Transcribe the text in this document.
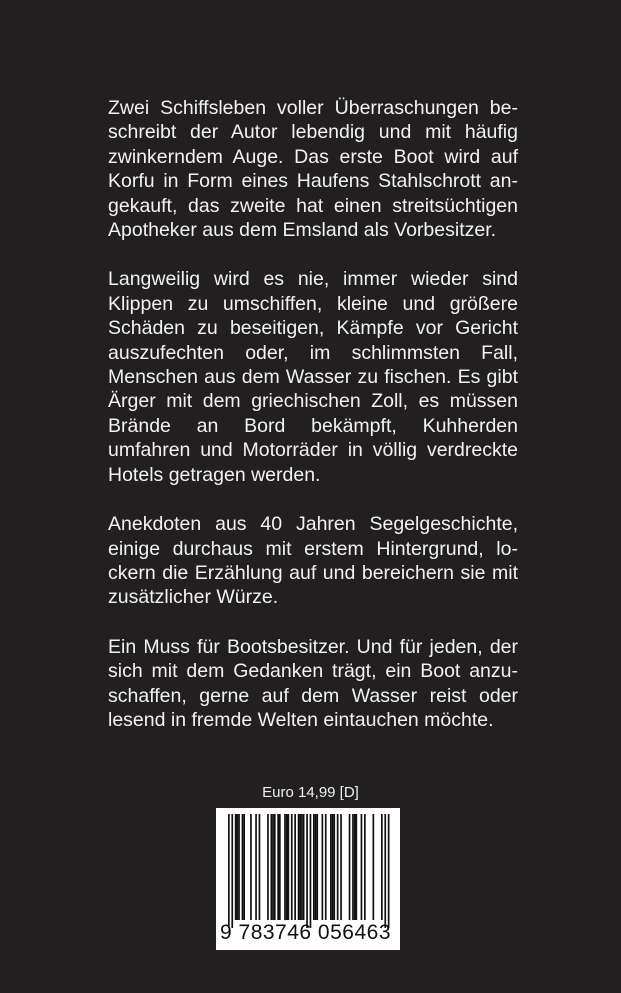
Zwei Schiffsleben voller Überraschungen beschreibt der Autor lebendig und mit häufig zwinkerndem Auge. Das erste Boot wird auf Korfu in Form eines Haufens Stahlschrott angekauft, das zweite hat einen streitsüchtigen Apotheker aus dem Emsland als Vorbesitzer.

Langweilig wird es nie, immer wieder sind Klippen zu umschiffen, kleine und größere Schäden zu beseitigen, Kämpfe vor Gericht auszufechten oder, im schlimmsten Fall, Menschen aus dem Wasser zu fischen. Es gibt Ärger mit dem griechischen Zoll, es müssen Brände an Bord bekämpft, Kuhherden umfahren und Motorräder in völlig verdreckte Hotels getragen werden.

Anekdoten aus 40 Jahren Segelgeschichte, einige durchaus mit erstem Hintergrund, lockern die Erzählung auf und bereichern sie mit zusätzlicher Würze.

Ein Muss für Bootsbesitzer. Und für jeden, der sich mit dem Gedanken trägt, ein Boot anzuschaffen, gerne auf dem Wasser reist oder lesend in fremde Welten eintauchen möchte.

Euro 14,99 [D]
9 783746 056463
